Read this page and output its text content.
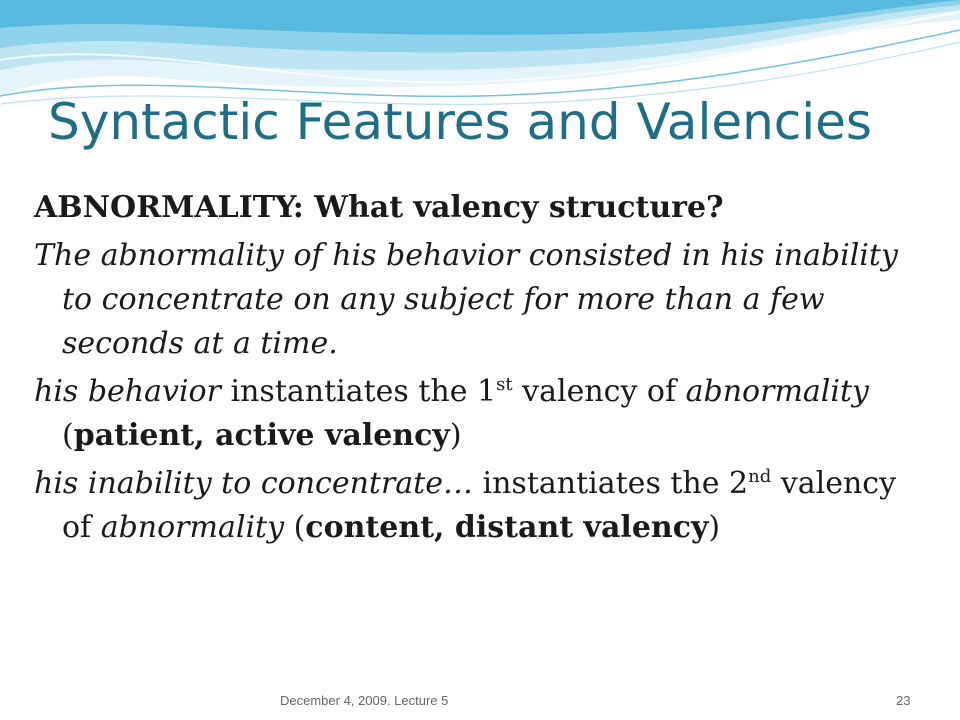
Syntactic Features and Valencies

ABNORMALITY: What valency structure?

The abnormality of his behavior consisted in his inability to concentrate on any subject for more than a few seconds at a time.

his behavior instantiates the 1st valency of abnormality (patient, active valency)

his inability to concentrate… instantiates the 2nd valency of abnormality (content, distant valency)

December 4, 2009. Lecture 5	23
